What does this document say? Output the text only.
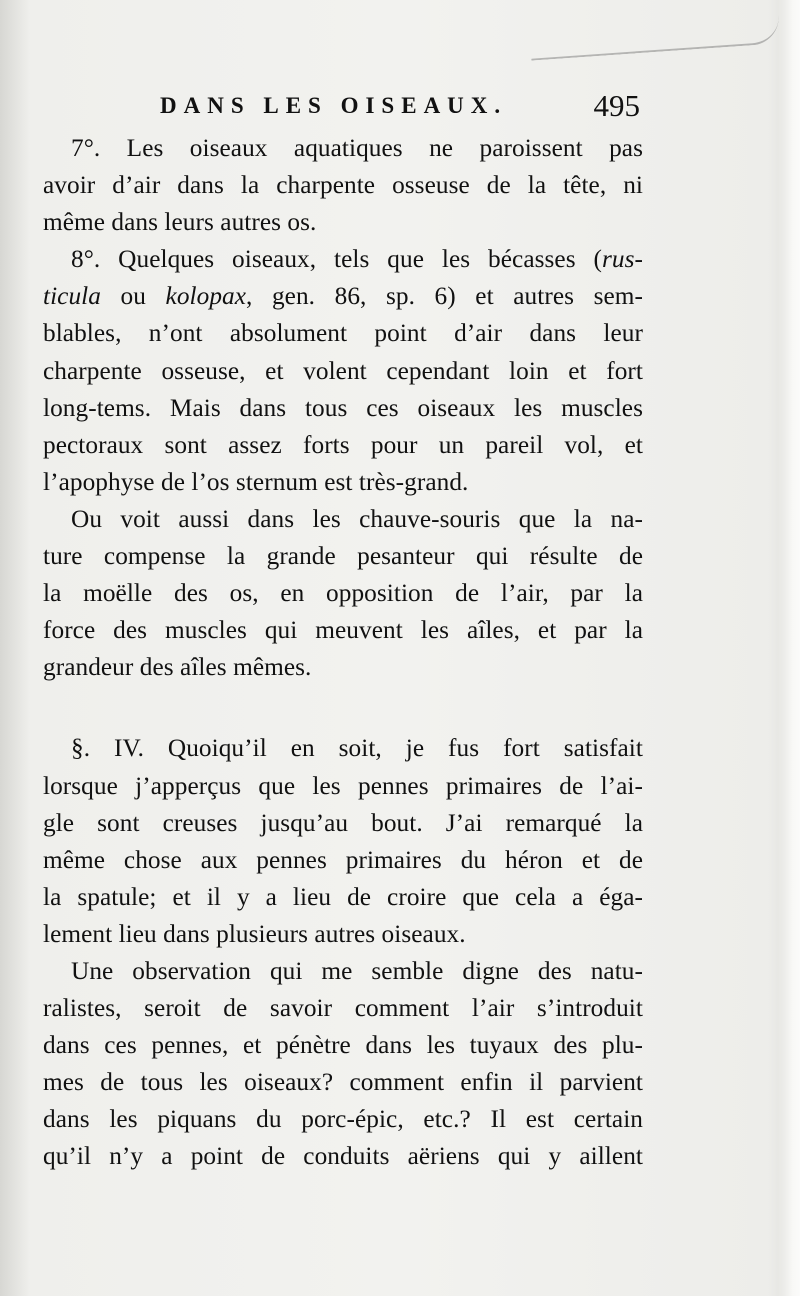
DANS LES OISEAUX.	495
7°. Les oiseaux aquatiques ne paroissent pas
avoir d’air dans la charpente osseuse de la tête, ni
même dans leurs autres os.
8°. Quelques oiseaux, tels que les bécasses (rus-
ticula ou kolopax, gen. 86, sp. 6) et autres sem-
blables, n’ont absolument point d’air dans leur
charpente osseuse, et volent cependant loin et fort
long-tems. Mais dans tous ces oiseaux les muscles
pectoraux sont assez forts pour un pareil vol, et
l’apophyse de l’os sternum est très-grand.
Ou voit aussi dans les chauve-souris que la na-
ture compense la grande pesanteur qui résulte de
la moëlle des os, en opposition de l’air, par la
force des muscles qui meuvent les aîles, et par la
grandeur des aîles mêmes.
§. IV. Quoiqu’il en soit, je fus fort satisfait
lorsque j’apperçus que les pennes primaires de l’ai-
gle sont creuses jusqu’au bout. J’ai remarqué la
même chose aux pennes primaires du héron et de
la spatule; et il y a lieu de croire que cela a éga-
lement lieu dans plusieurs autres oiseaux.
Une observation qui me semble digne des natu-
ralistes, seroit de savoir comment l’air s’introduit
dans ces pennes, et pénètre dans les tuyaux des plu-
mes de tous les oiseaux? comment enfin il parvient
dans les piquans du porc-épic, etc.? Il est certain
qu’il n’y a point de conduits aëriens qui y aillent
